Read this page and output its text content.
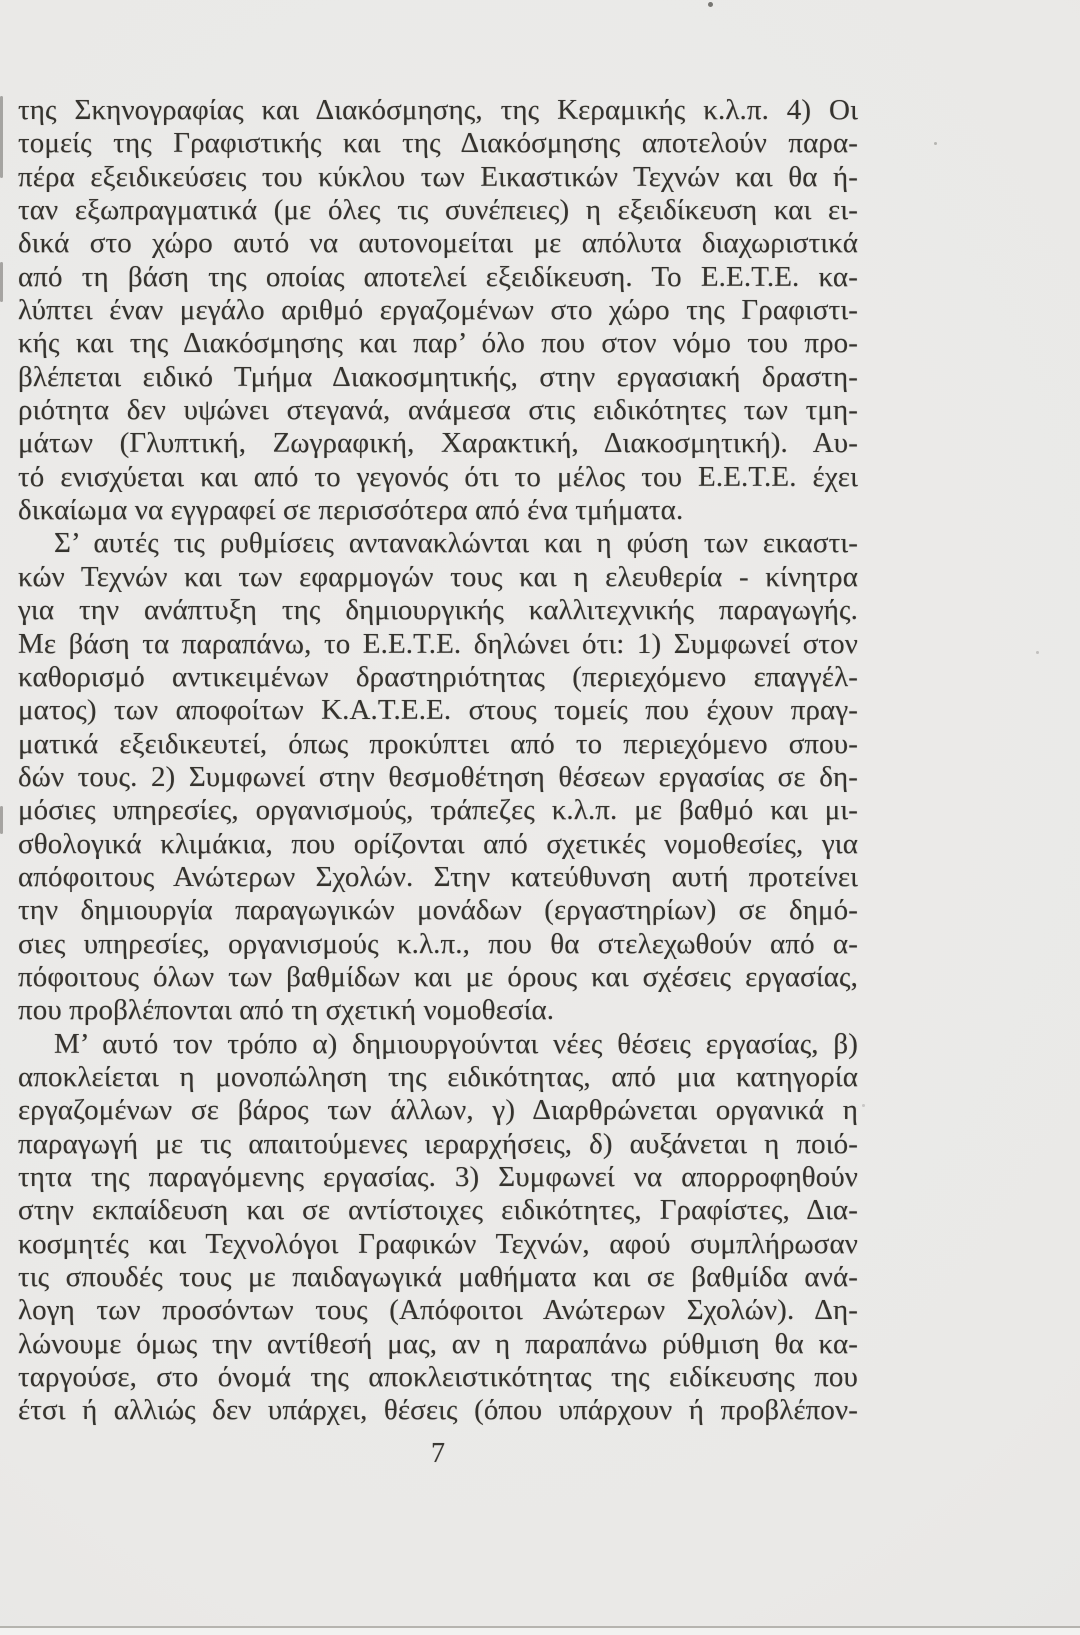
της Σκηνογραφίας και Διακόσμησης, της Κεραμικής κ.λ.π. 4) Οι
τομείς της Γραφιστικής και της Διακόσμησης αποτελούν παρα-
πέρα εξειδικεύσεις του κύκλου των Εικαστικών Τεχνών και θα ή-
ταν εξωπραγματικά (με όλες τις συνέπειες) η εξειδίκευση και ει-
δικά στο χώρο αυτό να αυτονομείται με απόλυτα διαχωριστικά
από τη βάση της οποίας αποτελεί εξειδίκευση. Το Ε.Ε.Τ.Ε. κα-
λύπτει έναν μεγάλο αριθμό εργαζομένων στο χώρο της Γραφιστι-
κής και της Διακόσμησης και παρ’ όλο που στον νόμο του προ-
βλέπεται ειδικό Τμήμα Διακοσμητικής, στην εργασιακή δραστη-
ριότητα δεν υψώνει στεγανά, ανάμεσα στις ειδικότητες των τμη-
μάτων (Γλυπτική, Ζωγραφική, Χαρακτική, Διακοσμητική). Αυ-
τό ενισχύεται και από το γεγονός ότι το μέλος του Ε.Ε.Τ.Ε. έχει
δικαίωμα να εγγραφεί σε περισσότερα από ένα τμήματα.
Σ’ αυτές τις ρυθμίσεις αντανακλώνται και η φύση των εικαστι-
κών Τεχνών και των εφαρμογών τους και η ελευθερία - κίνητρα
για την ανάπτυξη της δημιουργικής καλλιτεχνικής παραγωγής.
Με βάση τα παραπάνω, το Ε.Ε.Τ.Ε. δηλώνει ότι: 1) Συμφωνεί στον
καθορισμό αντικειμένων δραστηριότητας (περιεχόμενο επαγγέλ-
ματος) των αποφοίτων Κ.Α.Τ.Ε.Ε. στους τομείς που έχουν πραγ-
ματικά εξειδικευτεί, όπως προκύπτει από το περιεχόμενο σπου-
δών τους. 2) Συμφωνεί στην θεσμοθέτηση θέσεων εργασίας σε δη-
μόσιες υπηρεσίες, οργανισμούς, τράπεζες κ.λ.π. με βαθμό και μι-
σθολογικά κλιμάκια, που ορίζονται από σχετικές νομοθεσίες, για
απόφοιτους Ανώτερων Σχολών. Στην κατεύθυνση αυτή προτείνει
την δημιουργία παραγωγικών μονάδων (εργαστηρίων) σε δημό-
σιες υπηρεσίες, οργανισμούς κ.λ.π., που θα στελεχωθούν από α-
πόφοιτους όλων των βαθμίδων και με όρους και σχέσεις εργασίας,
που προβλέπονται από τη σχετική νομοθεσία.
Μ’ αυτό τον τρόπο α) δημιουργούνται νέες θέσεις εργασίας, β)
αποκλείεται η μονοπώληση της ειδικότητας, από μια κατηγορία
εργαζομένων σε βάρος των άλλων, γ) Διαρθρώνεται οργανικά η
παραγωγή με τις απαιτούμενες ιεραρχήσεις, δ) αυξάνεται η ποιό-
τητα της παραγόμενης εργασίας. 3) Συμφωνεί να απορροφηθούν
στην εκπαίδευση και σε αντίστοιχες ειδικότητες, Γραφίστες, Δια-
κοσμητές και Τεχνολόγοι Γραφικών Τεχνών, αφού συμπλήρωσαν
τις σπουδές τους με παιδαγωγικά μαθήματα και σε βαθμίδα ανά-
λογη των προσόντων τους (Απόφοιτοι Ανώτερων Σχολών). Δη-
λώνουμε όμως την αντίθεσή μας, αν η παραπάνω ρύθμιση θα κα-
ταργούσε, στο όνομά της αποκλειστικότητας της ειδίκευσης που
έτσι ή αλλιώς δεν υπάρχει, θέσεις (όπου υπάρχουν ή προβλέπον-
7
